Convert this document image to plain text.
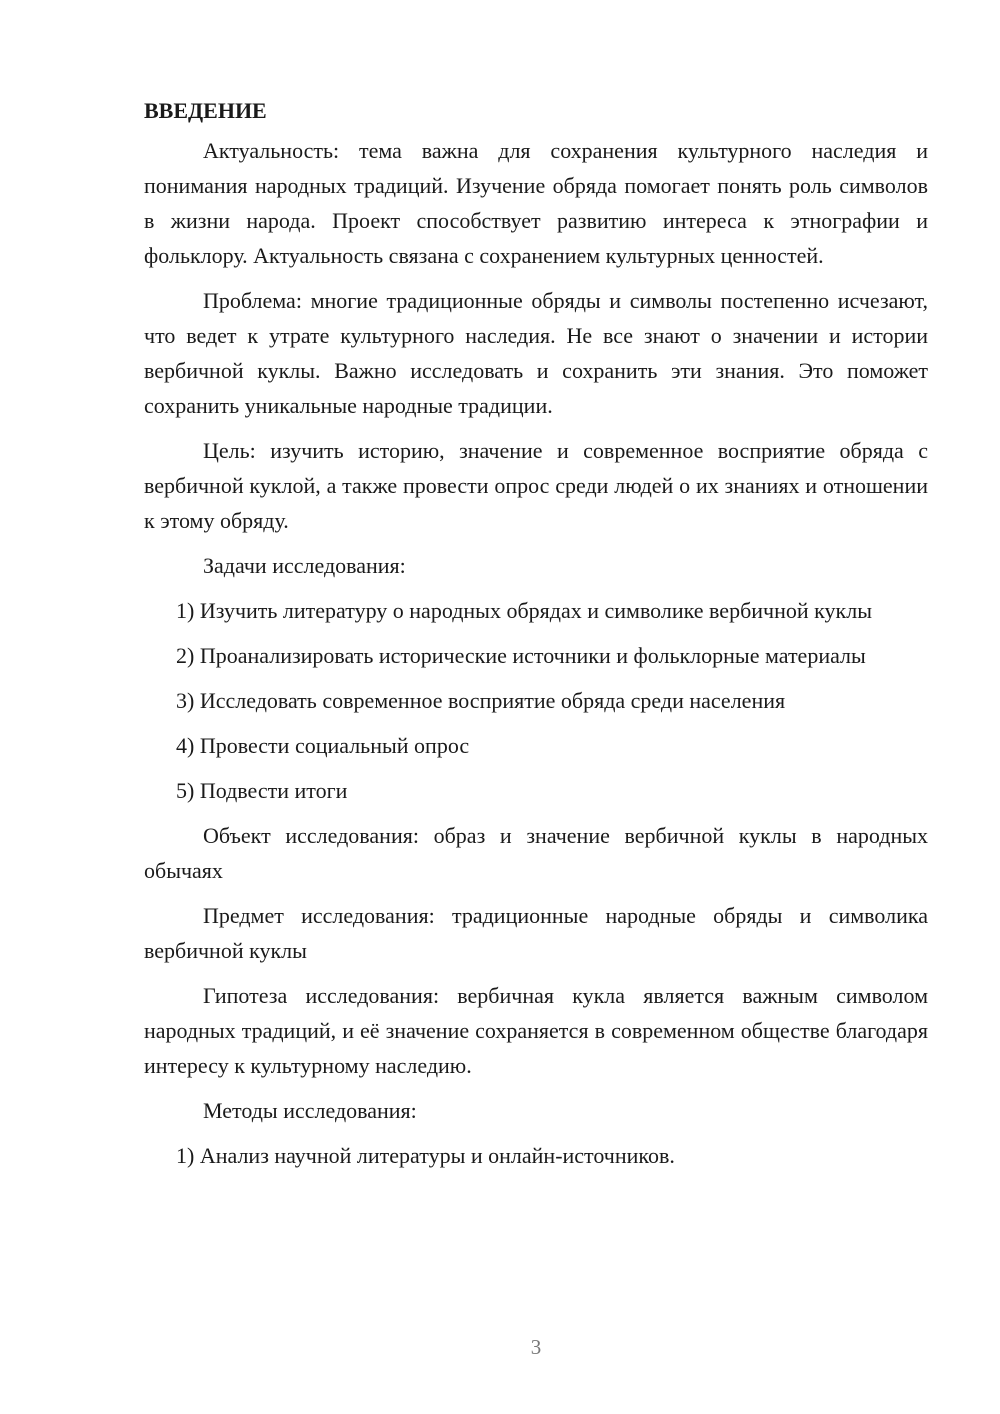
ВВЕДЕНИЕ

Актуальность: тема важна для сохранения культурного наследия и понимания народных традиций. Изучение обряда помогает понять роль символов в жизни народа. Проект способствует развитию интереса к этнографии и фольклору. Актуальность связана с сохранением культурных ценностей.

Проблема: многие традиционные обряды и символы постепенно исчезают, что ведет к утрате культурного наследия. Не все знают о значении и истории вербичной куклы. Важно исследовать и сохранить эти знания. Это поможет сохранить уникальные народные традиции.

Цель: изучить историю, значение и современное восприятие обряда с вербичной куклой, а также провести опрос среди людей о их знаниях и отношении к этому обряду.

Задачи исследования:

1) Изучить литературу о народных обрядах и символике вербичной куклы

2) Проанализировать исторические источники и фольклорные материалы

3) Исследовать современное восприятие обряда среди населения

4) Провести социальный опрос

5) Подвести итоги

Объект исследования: образ и значение вербичной куклы в народных обычаях

Предмет исследования: традиционные народные обряды и символика вербичной куклы

Гипотеза исследования: вербичная кукла является важным символом народных традиций, и её значение сохраняется в современном обществе благодаря интересу к культурному наследию.

Методы исследования:

1) Анализ научной литературы и онлайн-источников.

3
